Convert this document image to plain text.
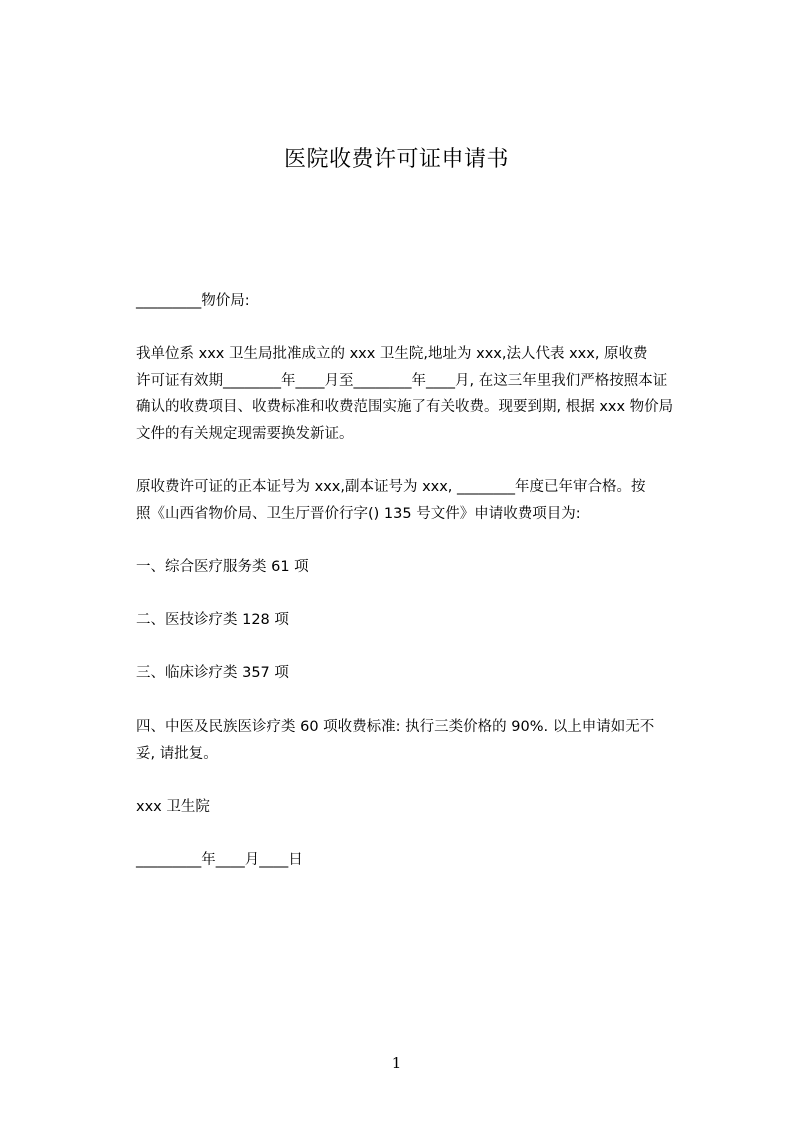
医院收费许可证申请书
_________物价局:
我单位系 xxx 卫生局批准成立的 xxx 卫生院,地址为 xxx,法人代表 xxx, 原收费
许可证有效期________年____月至________年____月, 在这三年里我们严格按照本证
确认的收费项目、收费标准和收费范围实施了有关收费。现要到期, 根据 xxx 物价局
文件的有关规定现需要换发新证。
原收费许可证的正本证号为 xxx,副本证号为 xxx, ________年度已年审合格。按
照《山西省物价局、卫生厅晋价行字() 135 号文件》申请收费项目为:
一、综合医疗服务类 61 项
二、医技诊疗类 128 项
三、临床诊疗类 357 项
四、中医及民族医诊疗类 60 项收费标准: 执行三类价格的 90%. 以上申请如无不
妥, 请批复。
xxx 卫生院
_________年____月____日
1
